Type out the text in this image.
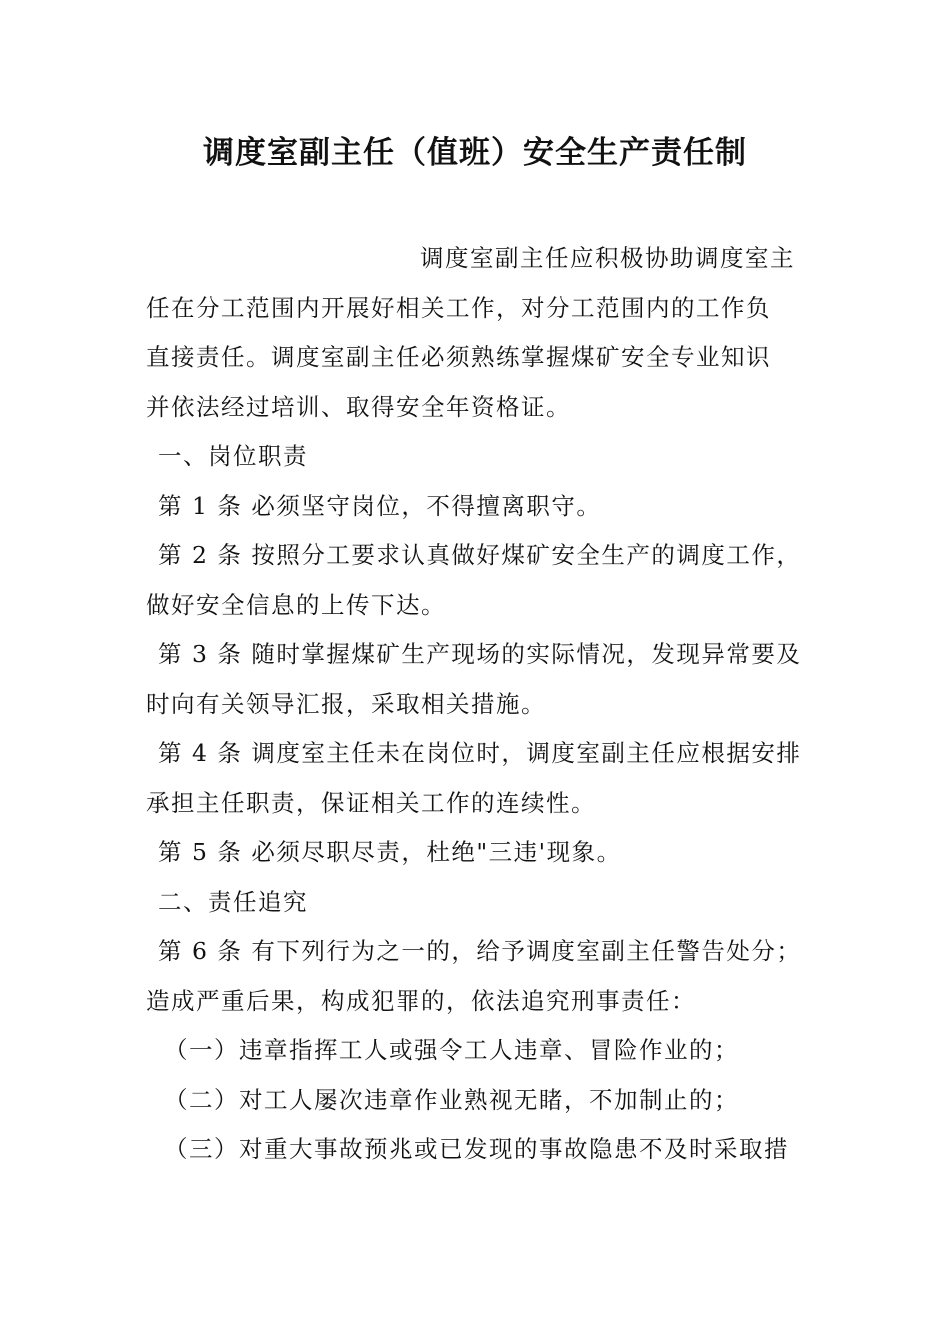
调度室副主任（值班）安全生产责任制
调度室副主任应积极协助调度室主
任在分工范围内开展好相关工作，对分工范围内的工作负
直接责任。调度室副主任必须熟练掌握煤矿安全专业知识
并依法经过培训、取得安全年资格证。
一、岗位职责
第 1 条 必须坚守岗位，不得擅离职守。
第 2 条 按照分工要求认真做好煤矿安全生产的调度工作，
做好安全信息的上传下达。
第 3 条 随时掌握煤矿生产现场的实际情况，发现异常要及
时向有关领导汇报，采取相关措施。
第 4 条 调度室主任未在岗位时，调度室副主任应根据安排
承担主任职责，保证相关工作的连续性。
第 5 条 必须尽职尽责，杜绝"三违'现象。
二、责任追究
第 6 条 有下列行为之一的，给予调度室副主任警告处分；
造成严重后果，构成犯罪的，依法追究刑事责任：
（一）违章指挥工人或强令工人违章、冒险作业的；
（二）对工人屡次违章作业熟视无睹，不加制止的；
（三）对重大事故预兆或已发现的事故隐患不及时采取措
